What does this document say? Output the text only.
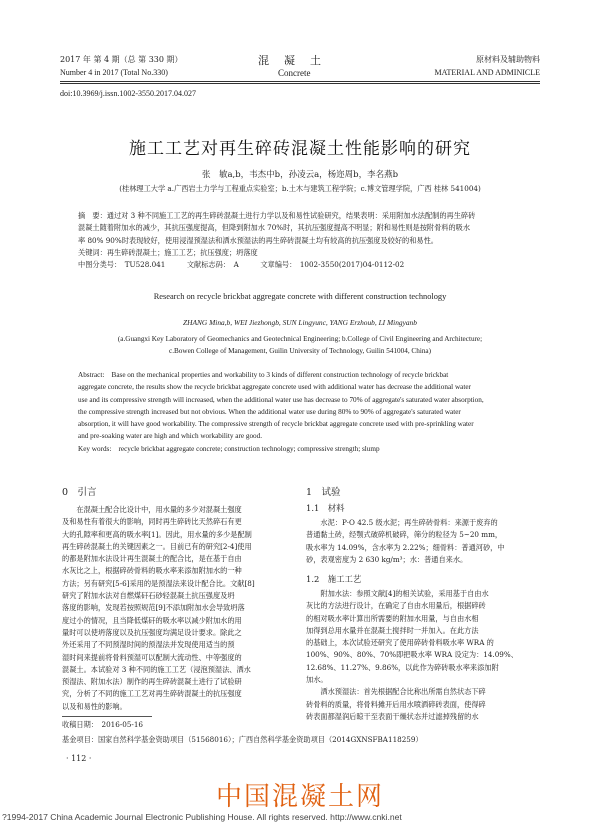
2017 年 第 4 期（总 第 330 期）
Number 4 in 2017 (Total No.330)
混　凝　土
Concrete
原材料及辅助物料
MATERIAL AND ADMINICLE
doi:10.3969/j.issn.1002-3550.2017.04.027
施工工艺对再生碎砖混凝土性能影响的研究
张　敏a,b，韦杰中b，孙凌云a，杨迩周b，李名燕b
(桂林理工大学 a.广西岩土力学与工程重点实验室；b.土木与建筑工程学院；c.博文管理学院，广西 桂林 541004)

摘　要：通过对 3 种不同施工工艺的再生碎砖混凝土进行力学以及和易性试验研究，结果表明：采用附加水法配制的再生碎砖

混凝土随着附加水的减少，其抗压强度提高，但降到附加水 70%时，其抗压强度提高不明显；附和易性则是按附骨料的吸水

率 80% 90%时表现较好，使用浸湿预湿法和洒水预湿法的再生碎砖混凝土均有较高的抗压强度及较好的和易性。

关键词：再生碎砖混凝土；施工工艺；抗压强度；坍落度

中图分类号：　TU528.041　　　文献标志码：　A　　　文章编号：　1002-3550(2017)04-0112-02

Research on recycle brickbat aggregate concrete with different construction technology
ZHANG Mina,b, WEI Jiezhongb, SUN Lingyunc, YANG Erzhoub, LI Mingyanb
(a.Guangxi Key Laboratory of Geomechanics and Geotechnical Engineering; b.College of Civil Engineering and Architecture;
c.Bowen College of Management, Guilin University of Technology, Guilin 541004, China)

Abstract:　Base on the mechanical properties and workability to 3 kinds of different construction technology of recycle brickbat

aggregate concrete, the results show the recycle brickbat aggregate concrete used with additional water has decrease the additional water

use and its compressive strength will increased, when the additional water use has decrease to 70% of aggregate's saturated water absorption,

the compressive strength increased but not obvious. When the additional water use during 80% to 90% of aggregate's saturated water

absorption, it will have good workability. The compressive strength of recycle brickbat aggregate concrete used with pre-sprinkling water

and pre-soaking water are high and which workability are good.

Key words:　recycle brickbat aggregate concrete; construction technology; compressive strength; slump

0　引言

　　在混凝土配合比设计中，用水量的多少对混凝土强度

及和易性有着很大的影响，同时再生碎砖比天然碎石有更

大的孔隙率和更高的吸水率[1]。因此，用水量的多少是配制

再生碎砖混凝土的关键因素之一。目前已有的研究[2-4]使用

的都是附加水法设计再生混凝土的配合比，是在基于自由

水灰比之上，根据碎砖骨料的吸水率来添加附加水的一种

方法；另有研究[5-6]采用的是预湿法来设计配合比。文献[8]

研究了附加水法对自燃煤矸石砂轻混凝土抗压强度及坍

落度的影响，发现若按照规范[9]不添加附加水会导致坍落

度过小的情况，且当降低煤矸的吸水率以减少附加水的用

量时可以使坍落度以及抗压强度均满足设计要求。除此之

外还采用了不同预湿时间的预湿法并发现使用适当的预

湿时间来提前将骨料预湿可以配制大流动性、中等强度的

混凝土。本试验对 3 种不同的施工工艺（浸泡预湿法、洒水

预湿法、附加水法）制作的再生碎砖混凝土进行了试验研

究，分析了不同的施工工艺对再生碎砖混凝土的抗压强度

以及和易性的影响。

收稿日期：　2016-05-16
基金项目：国家自然科学基金资助项目（51568016）；广西自然科学基金资助项目（2014GXNSFBA118259）
· 112 ·
1　试验
1.1　材料

　　水泥：P·O 42.5 级水泥；再生碎砖骨料：来源于废弃的

普通黏土砖，经颚式破碎机破碎，筛分的粒径为 5~20 mm，

吸水率为 14.09%，含水率为 2.22%；细骨料：普通河砂，中

砂，表观密度为 2 630 kg/m³；水：普通自来水。

1.2　施工工艺

　　附加水法：参照文献[4]的相关试验，采用基于自由水

灰比的方法进行设计，在确定了自由水用量后，根据碎砖

的相对吸水率计算出所需要的附加水用量，与自由水相

加得到总用水量并在混凝土搅拌时一并加入。在此方法

的基础上，本次试验还研究了使用碎砖骨料吸水率 WRA 的

100%、90%、80%、70%即把吸水率 WRA 设定为：14.09%、

12.68%、11.27%、9.86%，以此作为碎砖吸水率来添加附

加水。

　　洒水预湿法：首先根据配合比称出所需自然状态下碎

砖骨料的质量，将骨料摊开后用水喷洒碎砖表面，使得碎

砖表面都湿润后晾干至表面干燥状态并过滤掉残留的水

中国混凝土网
?1994-2017 China Academic Journal Electronic Publishing House. All rights reserved. http://www.cnki.net
